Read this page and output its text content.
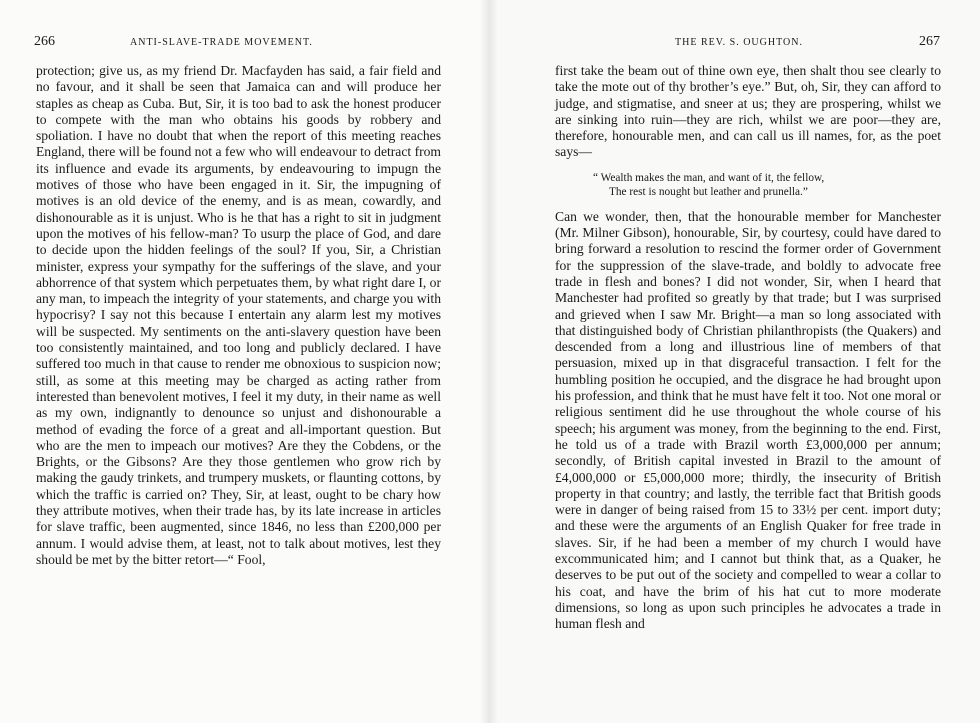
266	ANTI-SLAVE-TRADE MOVEMENT.

protection; give us, as my friend Dr. Macfayden has said, a fair field and no favour, and it shall be seen that Jamaica can and will produce her staples as cheap as Cuba. But, Sir, it is too bad to ask the honest producer to compete with the man who obtains his goods by robbery and spoliation. I have no doubt that when the report of this meeting reaches England, there will be found not a few who will endeavour to detract from its influence and evade its arguments, by endeavouring to impugn the motives of those who have been engaged in it. Sir, the impugning of motives is an old device of the enemy, and is as mean, cowardly, and dishonourable as it is unjust. Who is he that has a right to sit in judgment upon the motives of his fellow-man? To usurp the place of God, and dare to decide upon the hidden feelings of the soul? If you, Sir, a Christian minister, express your sympathy for the sufferings of the slave, and your abhorrence of that system which perpetuates them, by what right dare I, or any man, to impeach the integrity of your statements, and charge you with hypocrisy? I say not this because I entertain any alarm lest my motives will be suspected. My sentiments on the anti-slavery question have been too consistently maintained, and too long and publicly declared. I have suffered too much in that cause to render me obnoxious to suspicion now; still, as some at this meeting may be charged as acting rather from interested than benevolent motives, I feel it my duty, in their name as well as my own, indignantly to denounce so unjust and dishonourable a method of evading the force of a great and all-important question. But who are the men to impeach our motives? Are they the Cobdens, or the Brights, or the Gibsons? Are they those gentlemen who grow rich by making the gaudy trinkets, and trumpery muskets, or flaunting cottons, by which the traffic is carried on? They, Sir, at least, ought to be chary how they attribute motives, when their trade has, by its late increase in articles for slave traffic, been augmented, since 1846, no less than £200,000 per annum. I would advise them, at least, not to talk about motives, lest they should be met by the bitter retort—“ Fool,

THE REV. S. OUGHTON.	267

first take the beam out of thine own eye, then shalt thou see clearly to take the mote out of thy brother’s eye.” But, oh, Sir, they can afford to judge, and stigmatise, and sneer at us; they are prospering, whilst we are sinking into ruin—they are rich, whilst we are poor—they are, therefore, honourable men, and can call us ill names, for, as the poet says—

“ Wealth makes the man, and want of it, the fellow,
The rest is nought but leather and prunella.”

Can we wonder, then, that the honourable member for Manchester (Mr. Milner Gibson), honourable, Sir, by courtesy, could have dared to bring forward a resolution to rescind the former order of Government for the suppression of the slave-trade, and boldly to advocate free trade in flesh and bones? I did not wonder, Sir, when I heard that Manchester had profited so greatly by that trade; but I was surprised and grieved when I saw Mr. Bright—a man so long associated with that distinguished body of Christian philanthropists (the Quakers) and descended from a long and illustrious line of members of that persuasion, mixed up in that disgraceful transaction. I felt for the humbling position he occupied, and the disgrace he had brought upon his profession, and think that he must have felt it too. Not one moral or religious sentiment did he use throughout the whole course of his speech; his argument was money, from the beginning to the end. First, he told us of a trade with Brazil worth £3,000,000 per annum; secondly, of British capital invested in Brazil to the amount of £4,000,000 or £5,000,000 more; thirdly, the insecurity of British property in that country; and lastly, the terrible fact that British goods were in danger of being raised from 15 to 33½ per cent. import duty; and these were the arguments of an English Quaker for free trade in slaves. Sir, if he had been a member of my church I would have excommunicated him; and I cannot but think that, as a Quaker, he deserves to be put out of the society and compelled to wear a collar to his coat, and have the brim of his hat cut to more moderate dimensions, so long as upon such principles he advocates a trade in human flesh and
